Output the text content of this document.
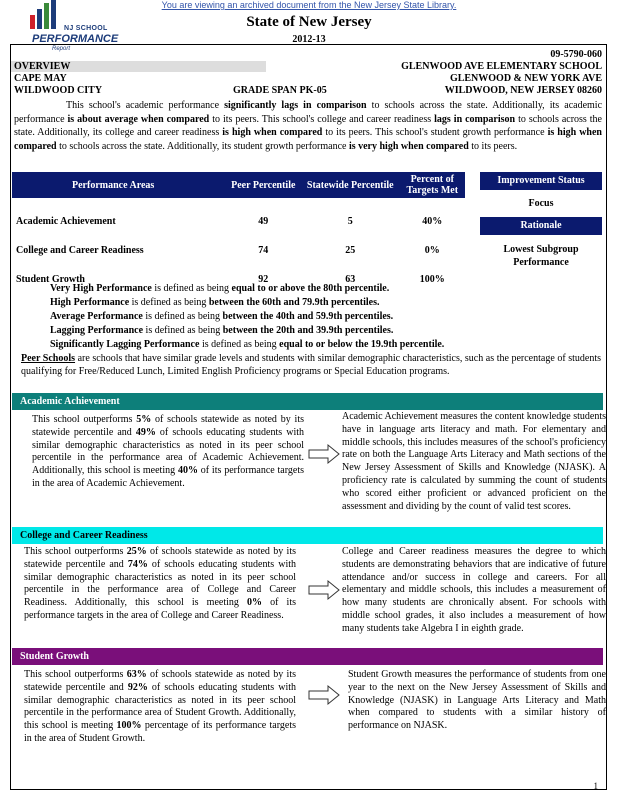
You are viewing an archived document from the New Jersey State Library.
NJ SCHOOL
PERFORMANCE
Report
State of New Jersey
2012-13
OVERVIEW
CAPE MAY
WILDWOOD CITY	GRADE SPAN PK-05
09-5790-060
GLENWOOD AVE ELEMENTARY SCHOOL
GLENWOOD & NEW YORK AVE
WILDWOOD, NEW JERSEY 08260
This school's academic performance significantly lags in comparison to schools across the state. Additionally, its academic performance is about average when compared to its peers. This school's college and career readiness lags in comparison to schools across the state. Additionally, its college and career readiness is high when compared to its peers. This school's student growth performance is high when compared to schools across the state. Additionally, its student growth performance is very high when compared to its peers.
Performance Areas	Peer Percentile	Statewide Percentile	Percent of Targets Met
Academic Achievement	49	5	40%
College and Career Readiness	74	25	0%
Student Growth	92	63	100%
Improvement Status
Focus
Rationale
Lowest Subgroup Performance
Very High Performance is defined as being equal to or above the 80th percentile.
High Performance is defined as being between the 60th and 79.9th percentiles.
Average Performance is defined as being between the 40th and 59.9th percentiles.
Lagging Performance is defined as being between the 20th and 39.9th percentiles.
Significantly Lagging Performance is defined as being equal to or below the 19.9th percentile.
Peer Schools are schools that have similar grade levels and students with similar demographic characteristics, such as the percentage of students qualifying for Free/Reduced Lunch, Limited English Proficiency programs or Special Education programs.
Academic Achievement
This school outperforms 5% of schools statewide as noted by its statewide percentile and 49% of schools educating students with similar demographic characteristics as noted in its peer school percentile in the performance area of Academic Achievement. Additionally, this school is meeting 40% of its performance targets in the area of Academic Achievement.
Academic Achievement measures the content knowledge students have in language arts literacy and math. For elementary and middle schools, this includes measures of the school's proficiency rate on both the Language Arts Literacy and Math sections of the New Jersey Assessment of Skills and Knowledge (NJASK). A proficiency rate is calculated by summing the count of students who scored either proficient or advanced proficient on the assessment and dividing by the count of valid test scores.
College and Career Readiness
This school outperforms 25% of schools statewide as noted by its statewide percentile and 74% of schools educating students with similar demographic characteristics as noted in its peer school percentile in the performance area of College and Career Readiness. Additionally, this school is meeting 0% of its performance targets in the area of College and Career Readiness.
College and Career readiness measures the degree to which students are demonstrating behaviors that are indicative of future attendance and/or success in college and careers. For all elementary and middle schools, this includes a measurement of how many students are chronically absent. For schools with middle school grades, it also includes a measurement of how many students take Algebra I in eighth grade.
Student Growth
This school outperforms 63% of schools statewide as noted by its statewide percentile and 92% of schools educating students with similar demographic characteristics as noted in its peer school percentile in the performance area of Student Growth. Additionally, this school is meeting 100% percentage of its performance targets in the area of Student Growth.
Student Growth measures the performance of students from one year to the next on the New Jersey Assessment of Skills and Knowledge (NJASK) in Language Arts Literacy and Math when compared to students with a similar history of performance on NJASK.
1
